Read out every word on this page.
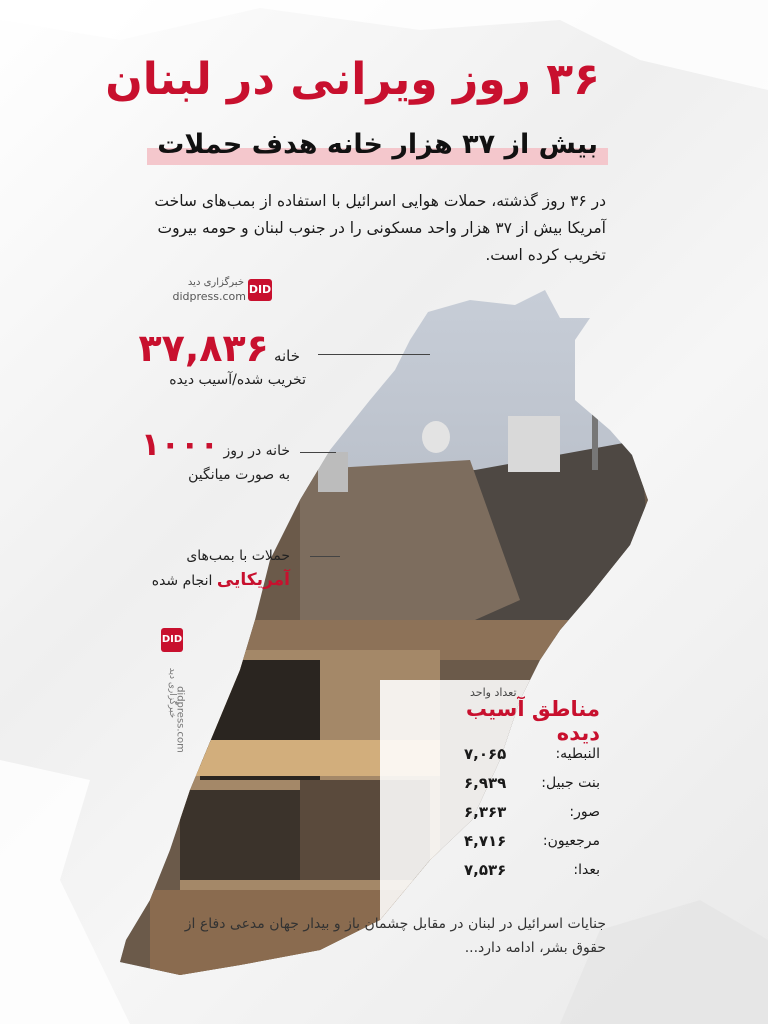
۳۶ روز ویرانی در لبنان
بیش از ۳۷ هزار خانه هدف حملات

در ۳۶ روز گذشته، حملات هوایی اسرائیل با استفاده از بمب‌های ساخت آمریکا بیش از ۳۷ هزار واحد مسکونی را در جنوب لبنان و حومه بیروت تخریب کرده است.

DID
خبرگزاری دید
didpress.com
DID
خبرگزاری دید
didpress.com
خانه ۳۷,۸۳۶
تخریب شده/آسیب دیده
خانه در روز ۱۰۰۰
به صورت میانگین
حملات با بمب‌های
آمریکایی انجام شده
تعداد واحد
مناطق آسیب دیده
النبطیه:
۷,۰۶۵
بنت جبیل:
۶,۹۳۹
صور:
۶,۳۶۳
مرجعیون:
۴,۷۱۶
بعدا:
۷,۵۳۶

جنایات اسرائیل در لبنان در مقابل چشمان باز و بیدار جهان مدعی دفاع از حقوق بشر، ادامه دارد...
